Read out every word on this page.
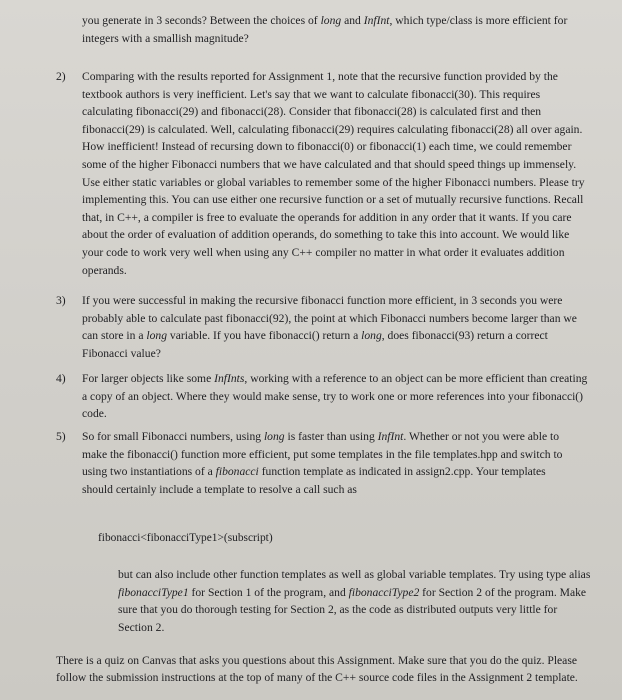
you generate in 3 seconds? Between the choices of long and InfInt, which type/class is more efficient for integers with a smallish magnitude?

2) Comparing with the results reported for Assignment 1, note that the recursive function provided by the textbook authors is very inefficient. Let's say that we want to calculate fibonacci(30). This requires calculating fibonacci(29) and fibonacci(28). Consider that fibonacci(28) is calculated first and then fibonacci(29) is calculated. Well, calculating fibonacci(29) requires calculating fibonacci(28) all over again. How inefficient! Instead of recursing down to fibonacci(0) or fibonacci(1) each time, we could remember some of the higher Fibonacci numbers that we have calculated and that should speed things up immensely. Use either static variables or global variables to remember some of the higher Fibonacci numbers. Please try implementing this. You can use either one recursive function or a set of mutually recursive functions. Recall that, in C++, a compiler is free to evaluate the operands for addition in any order that it wants. If you care about the order of evaluation of addition operands, do something to take this into account. We would like your code to work very well when using any C++ compiler no matter in what order it evaluates addition operands.

3) If you were successful in making the recursive fibonacci function more efficient, in 3 seconds you were probably able to calculate past fibonacci(92), the point at which Fibonacci numbers become larger than we can store in a long variable. If you have fibonacci() return a long, does fibonacci(93) return a correct Fibonacci value?

4) For larger objects like some InfInts, working with a reference to an object can be more efficient than creating a copy of an object. Where they would make sense, try to work one or more references into your fibonacci() code.

5) So for small Fibonacci numbers, using long is faster than using InfInt. Whether or not you were able to make the fibonacci() function more efficient, put some templates in the file templates.hpp and switch to using two instantiations of a fibonacci function template as indicated in assign2.cpp. Your templates should certainly include a template to resolve a call such as

fibonacci<fibonacciType1>(subscript)

but can also include other function templates as well as global variable templates. Try using type alias fibonacciType1 for Section 1 of the program, and fibonacciType2 for Section 2 of the program. Make sure that you do thorough testing for Section 2, as the code as distributed outputs very little for Section 2.

There is a quiz on Canvas that asks you questions about this Assignment. Make sure that you do the quiz. Please follow the submission instructions at the top of many of the C++ source code files in the Assignment 2 template.
